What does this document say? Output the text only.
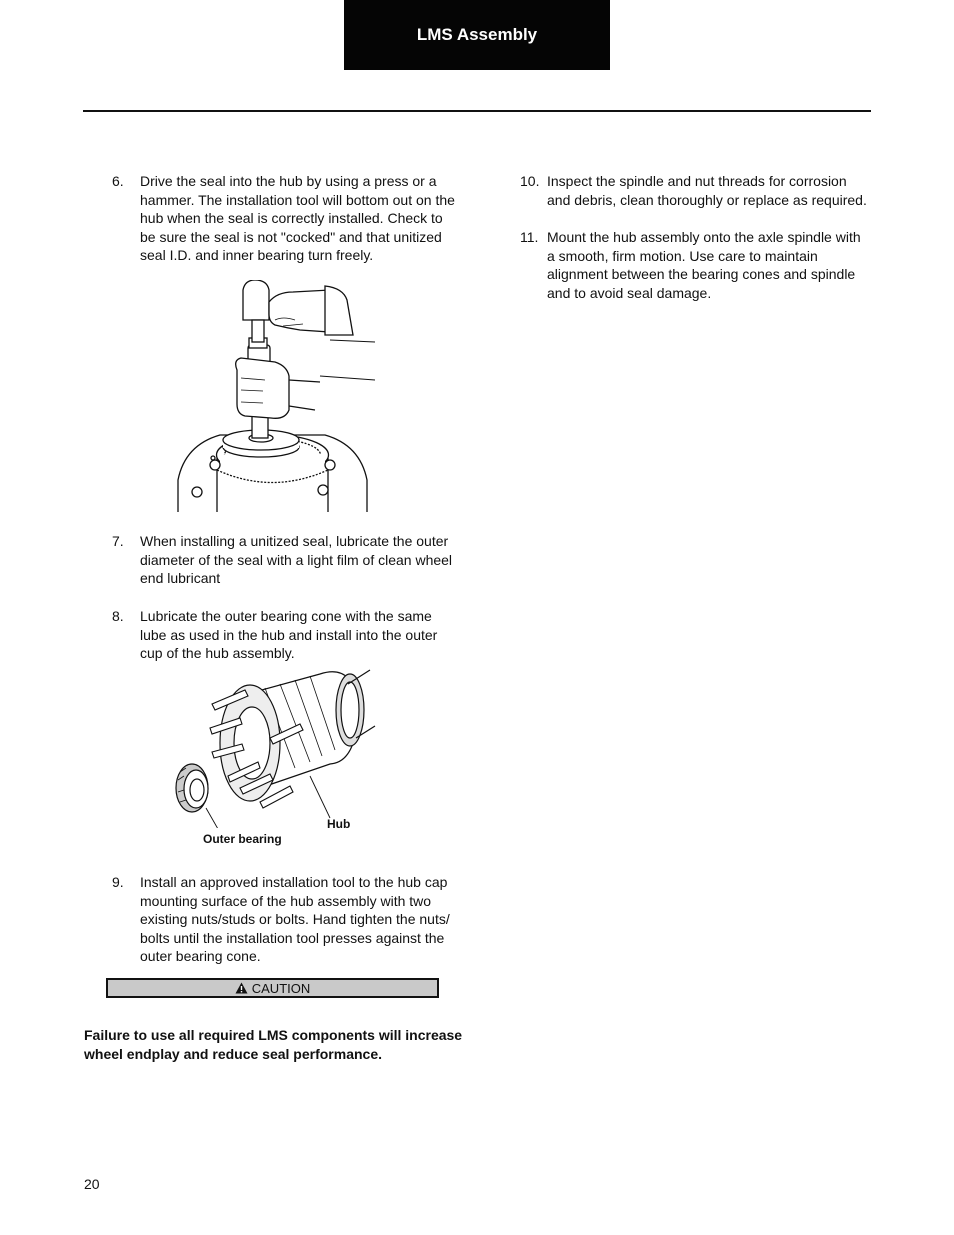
LMS Assembly
6. Drive the seal into the hub by using a press or a hammer. The installation tool will bottom out on the hub when the seal is correctly installed. Check to be sure the seal is not "cocked" and that unitized seal I.D. and inner bearing turn freely.
7. When installing a unitized seal, lubricate the outer diameter of the seal with a light film of clean wheel end lubricant
8. Lubricate the outer bearing cone with the same lube as used in the hub and install into the outer cup of the hub assembly.
Hub
Outer bearing
9. Install an approved installation tool to the hub cap mounting surface of the hub assembly with two existing nuts/studs or bolts. Hand tighten the nuts/ bolts until the installation tool presses against the outer bearing cone.
CAUTION
Failure to use all required LMS components will increase wheel endplay and reduce seal performance.
10. Inspect the spindle and nut threads for corrosion and debris, clean thoroughly or replace as required.
11. Mount the hub assembly onto the axle spindle with a smooth, firm motion. Use care to maintain alignment between the bearing cones and spindle and to avoid seal damage.
20
